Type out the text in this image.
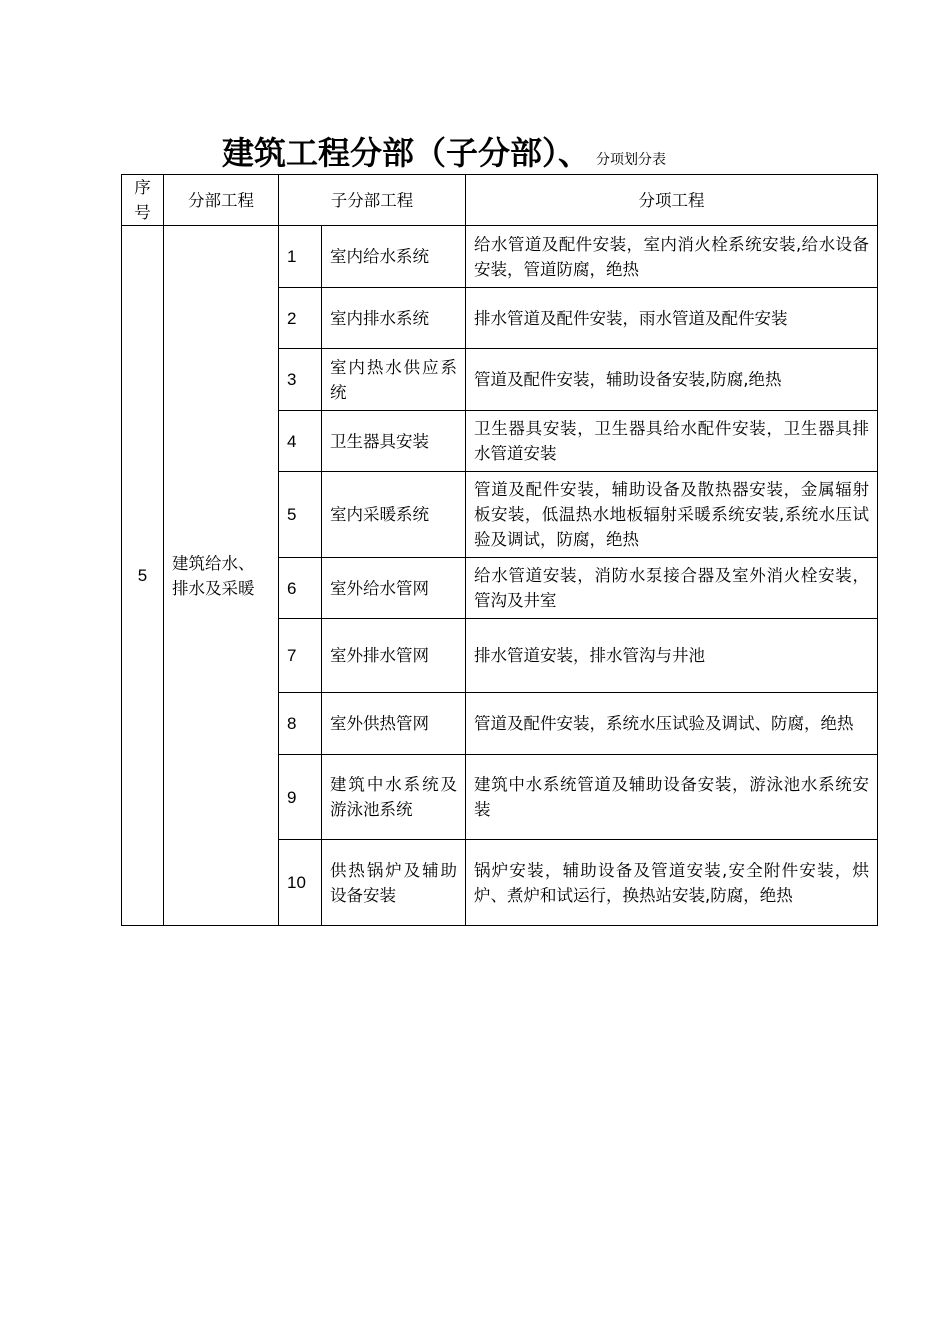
建筑工程分部（子分部）、 分项划分表
序号	分部工程	子分部工程		分项工程
5	建筑给水、排水及采暖	1	室内给水系统	给水管道及配件安装，室内消火栓系统安装,给水设备安装，管道防腐，绝热
		2	室内排水系统	排水管道及配件安装，雨水管道及配件安装
		3	室内热水供应系统	管道及配件安装，辅助设备安装,防腐,绝热
		4	卫生器具安装	卫生器具安装，卫生器具给水配件安装，卫生器具排水管道安装
		5	室内采暖系统	管道及配件安装，辅助设备及散热器安装，金属辐射板安装，低温热水地板辐射采暖系统安装,系统水压试验及调试，防腐，绝热
		6	室外给水管网	给水管道安装，消防水泵接合器及室外消火栓安装，管沟及井室
		7	室外排水管网	排水管道安装，排水管沟与井池
		8	室外供热管网	管道及配件安装，系统水压试验及调试、防腐，绝热
		9	建筑中水系统及游泳池系统	建筑中水系统管道及辅助设备安装，游泳池水系统安装
		10	供热锅炉及辅助设备安装	锅炉安装，辅助设备及管道安装,安全附件安装，烘炉、煮炉和试运行，换热站安装,防腐，绝热
